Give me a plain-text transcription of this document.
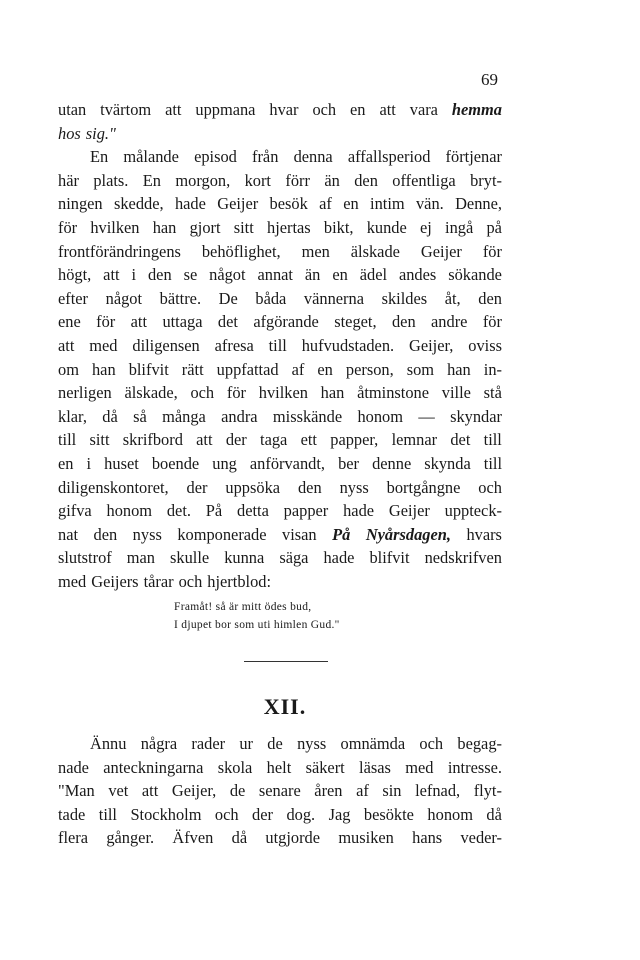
69
utan tvärtom att uppmana hvar och en att vara hemma
hos sig."
En målande episod från denna affallsperiod förtjenar
här plats. En morgon, kort förr än den offentliga bryt-
ningen skedde, hade Geijer besök af en intim vän. Denne,
för hvilken han gjort sitt hjertas bikt, kunde ej ingå på
frontförändringens behöflighet, men älskade Geijer för
högt, att i den se något annat än en ädel andes sökande
efter något bättre. De båda vännerna skildes åt, den
ene för att uttaga det afgörande steget, den andre för
att med diligensen afresa till hufvudstaden. Geijer, oviss
om han blifvit rätt uppfattad af en person, som han in-
nerligen älskade, och för hvilken han åtminstone ville stå
klar, då så många andra misskände honom — skyndar
till sitt skrifbord att der taga ett papper, lemnar det till
en i huset boende ung anförvandt, ber denne skynda till
diligenskontoret, der uppsöka den nyss bortgångne och
gifva honom det. På detta papper hade Geijer uppteck-
nat den nyss komponerade visan På Nyårsdagen, hvars
slutstrof man skulle kunna säga hade blifvit nedskrifven
med Geijers tårar och hjertblod:
Framåt! så är mitt ödes bud,
I djupet bor som uti himlen Gud."
XII.
Ännu några rader ur de nyss omnämda och begag-
nade anteckningarna skola helt säkert läsas med intresse.
"Man vet att Geijer, de senare åren af sin lefnad, flyt-
tade till Stockholm och der dog. Jag besökte honom då
flera gånger. Äfven då utgjorde musiken hans veder-
